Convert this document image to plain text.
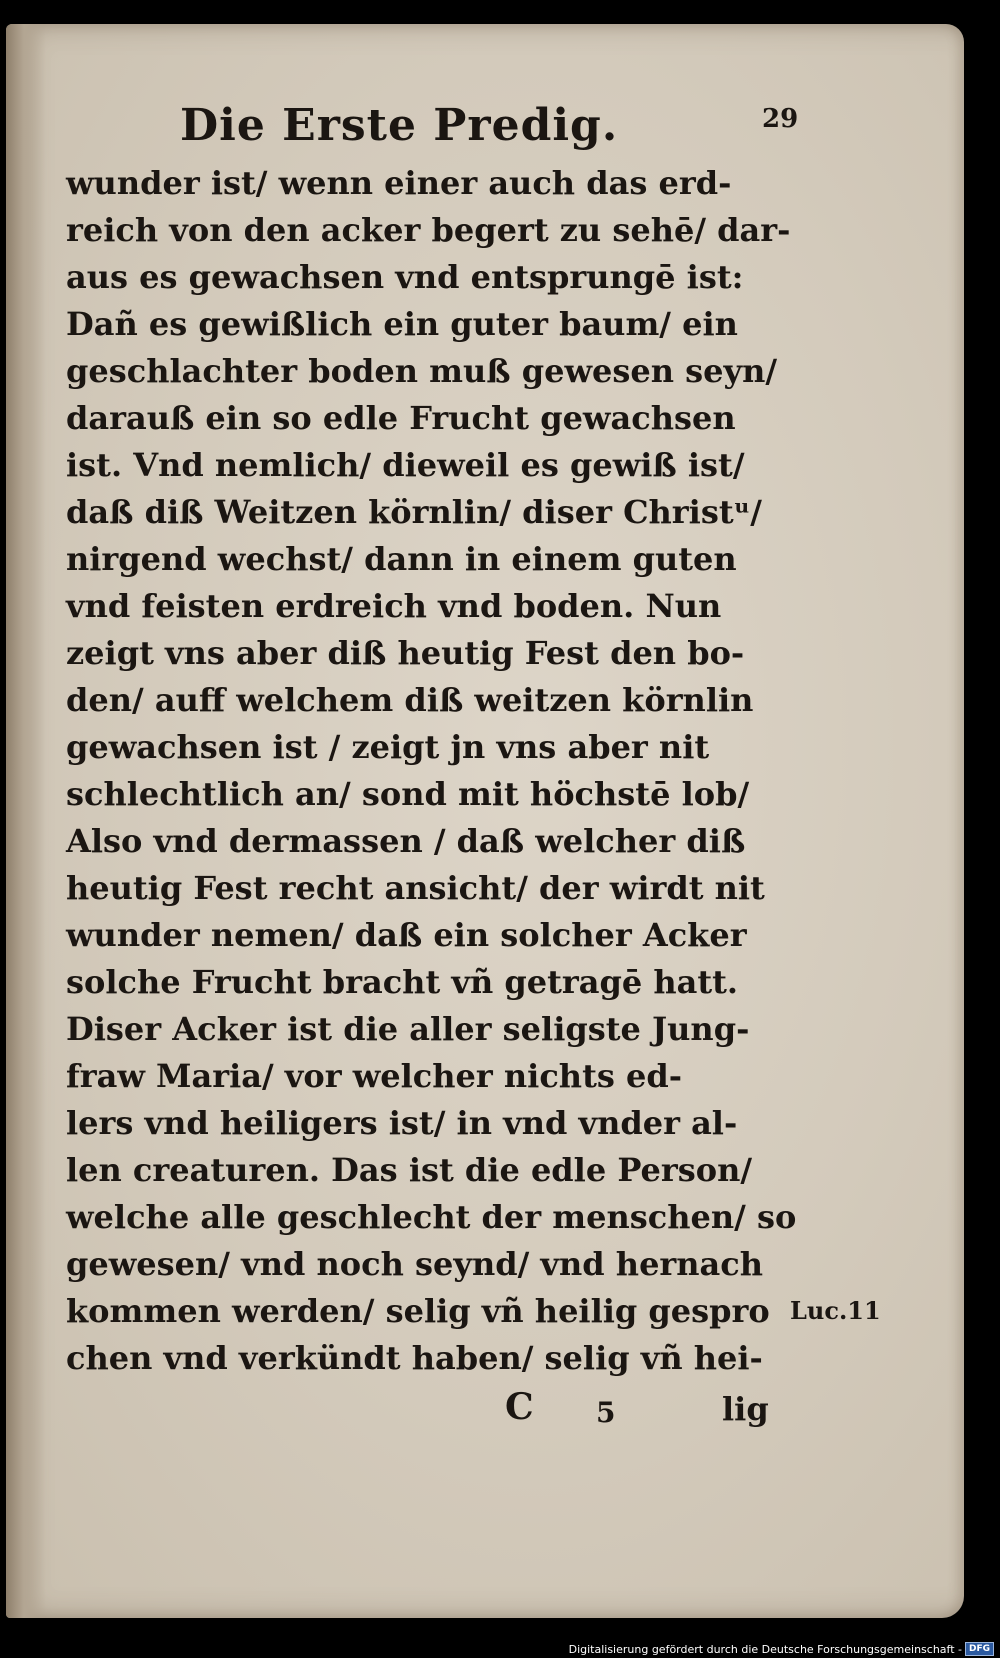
Die Erste Predig.	29
wunder ist/ wenn einer auch das erd-
reich von den acker begert zu sehē/ dar-
aus es gewachsen vnd entsprungē ist:
Dañ es gewißlich ein guter baum/ ein
geschlachter boden muß gewesen seyn/
darauß ein so edle Frucht gewachsen
ist. Vnd nemlich/ dieweil es gewiß ist/
daß diß Weitzen körnlin/ diser Christᵘ/
nirgend wechst/ dann in einem guten
vnd feisten erdreich vnd boden. Nun
zeigt vns aber diß heutig Fest den bo-
den/ auff welchem diß weitzen körnlin
gewachsen ist / zeigt jn vns aber nit
schlechtlich an/ sond mit höchstē lob/
Also vnd dermassen / daß welcher diß
heutig Fest recht ansicht/ der wirdt nit
wunder nemen/ daß ein solcher Acker
solche Frucht bracht vñ getragē hatt.
Diser Acker ist die aller seligste Jung-
fraw Maria/ vor welcher nichts ed-
lers vnd heiligers ist/ in vnd vnder al-
len creaturen. Das ist die edle Person/
welche alle geschlecht der menschen/ so
gewesen/ vnd noch seynd/ vnd hernach
kommen werden/ selig vñ heilig gespro
chen vnd verkündt haben/ selig vñ hei-
Luc.11
C 5	lig
Digitalisierung gefördert durch die Deutsche Forschungsgemeinschaft - DFG
